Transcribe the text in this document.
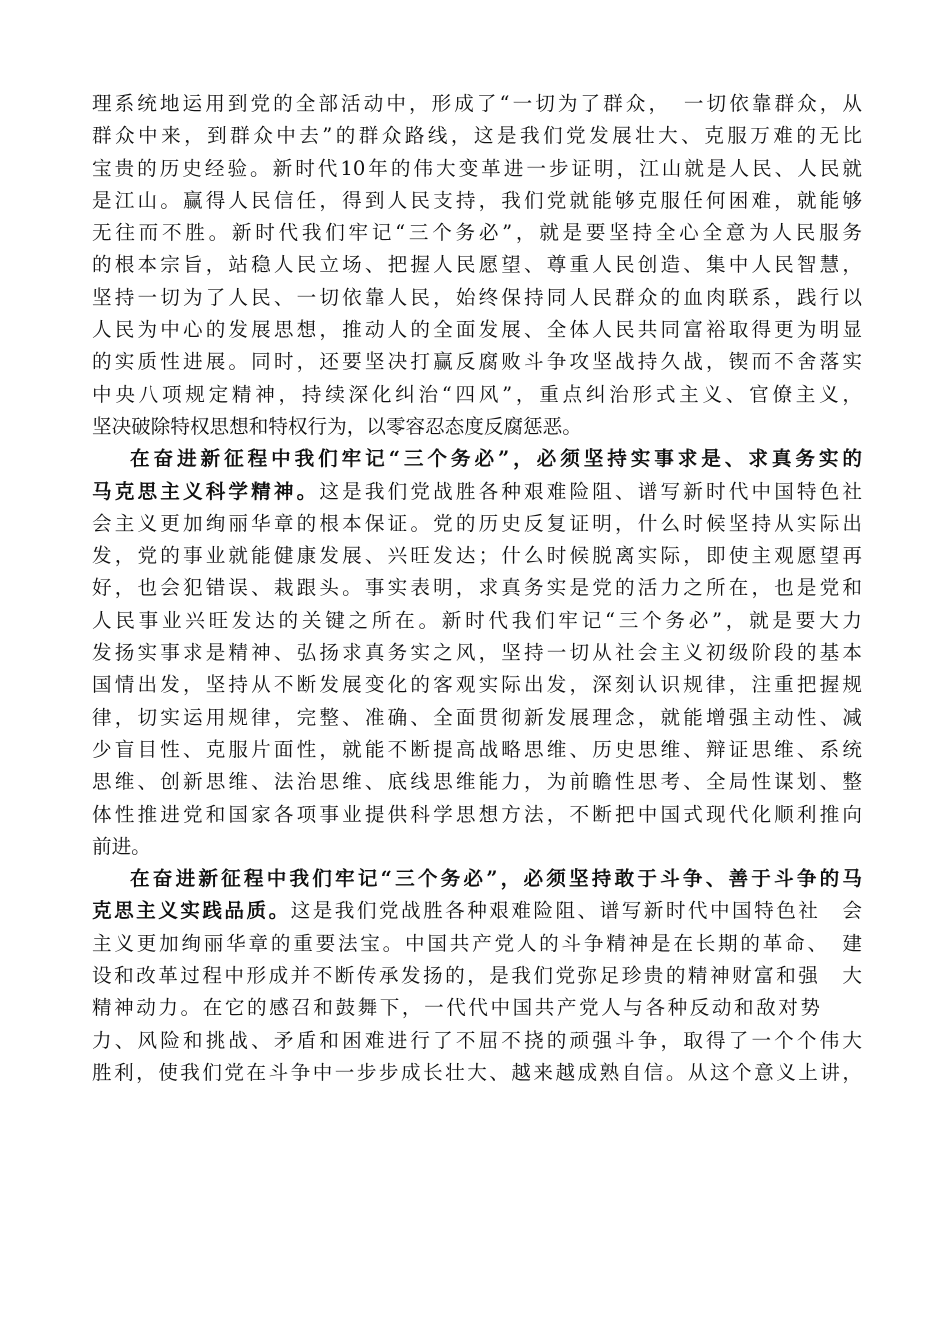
理系统地运用到党的全部活动中，形成了“一切为了群众，　一切依靠群众，从
群众中来，到群众中去”的群众路线，这是我们党发展壮大、克服万难的无比
宝贵的历史经验。新时代10年的伟大变革进一步证明，江山就是人民、人民就
是江山。赢得人民信任，得到人民支持，我们党就能够克服任何困难，就能够
无往而不胜。新时代我们牢记“三个务必”，就是要坚持全心全意为人民服务
的根本宗旨，站稳人民立场、把握人民愿望、尊重人民创造、集中人民智慧，
坚持一切为了人民、一切依靠人民，始终保持同人民群众的血肉联系，践行以
人民为中心的发展思想，推动人的全面发展、全体人民共同富裕取得更为明显
的实质性进展。同时，还要坚决打赢反腐败斗争攻坚战持久战，锲而不舍落实
中央八项规定精神，持续深化纠治“四风”，重点纠治形式主义、官僚主义，
坚决破除特权思想和特权行为，以零容忍态度反腐惩恶。
在奋进新征程中我们牢记“三个务必”，必须坚持实事求是、求真务实的
马克思主义科学精神。这是我们党战胜各种艰难险阻、谱写新时代中国特色社
会主义更加绚丽华章的根本保证。党的历史反复证明，什么时候坚持从实际出
发，党的事业就能健康发展、兴旺发达；什么时候脱离实际，即使主观愿望再
好，也会犯错误、栽跟头。事实表明，求真务实是党的活力之所在，也是党和
人民事业兴旺发达的关键之所在。新时代我们牢记“三个务必”，就是要大力
发扬实事求是精神、弘扬求真务实之风，坚持一切从社会主义初级阶段的基本
国情出发，坚持从不断发展变化的客观实际出发，深刻认识规律，注重把握规
律，切实运用规律，完整、准确、全面贯彻新发展理念，就能增强主动性、减
少盲目性、克服片面性，就能不断提高战略思维、历史思维、辩证思维、系统
思维、创新思维、法治思维、底线思维能力，为前瞻性思考、全局性谋划、整
体性推进党和国家各项事业提供科学思想方法，不断把中国式现代化顺利推向
前进。
在奋进新征程中我们牢记“三个务必”，必须坚持敢于斗争、善于斗争的马
克思主义实践品质。这是我们党战胜各种艰难险阻、谱写新时代中国特色社　会
主义更加绚丽华章的重要法宝。中国共产党人的斗争精神是在长期的革命、　建
设和改革过程中形成并不断传承发扬的，是我们党弥足珍贵的精神财富和强　大
精神动力。在它的感召和鼓舞下，一代代中国共产党人与各种反动和敌对势
力、风险和挑战、矛盾和困难进行了不屈不挠的顽强斗争，取得了一个个伟大
胜利，使我们党在斗争中一步步成长壮大、越来越成熟自信。从这个意义上讲，
